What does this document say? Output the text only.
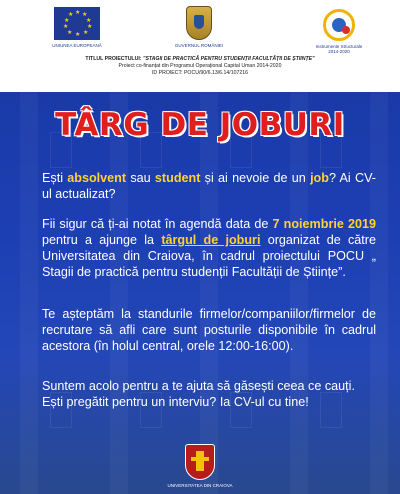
★ ★
★
★
★
★
★
★
★
★
UNIUNEA EUROPEANĂ	GUVERNUL ROMÂNIEI	Instrumente Structurale
2014-2020
TITLUL PROIECTULUI: "STAGII DE PRACTICĂ PENTRU STUDENȚII FACULTĂȚII DE ȘTIINȚE"
Proiect co-finanțat din Programul Operațional Capital Uman 2014-2020
ID PROIECT: POCU/90/6.13/6.14/107216
TÂRG DE JOBURI
Ești absolvent sau student și ai nevoie de un job? Ai CV-ul actualizat?
Fii sigur că ți-ai notat în agendă data de 7 noiembrie 2019 pentru a ajunge la târgul de joburi organizat de către Universitatea din Craiova, în cadrul proiectului POCU „ Stagii de practică pentru studenții Facultății de Științe”.
Te așteptăm la standurile firmelor/companiilor/firmelor de recrutare să afli care sunt posturile disponibile în cadrul acestora (în holul central, orele 12:00-16:00).
Suntem acolo pentru a te ajuta să găsești ceea ce cauți.
Ești pregătit pentru un interviu? Ia CV-ul cu tine!
UNIVERSITATEA DIN CRAIOVA
